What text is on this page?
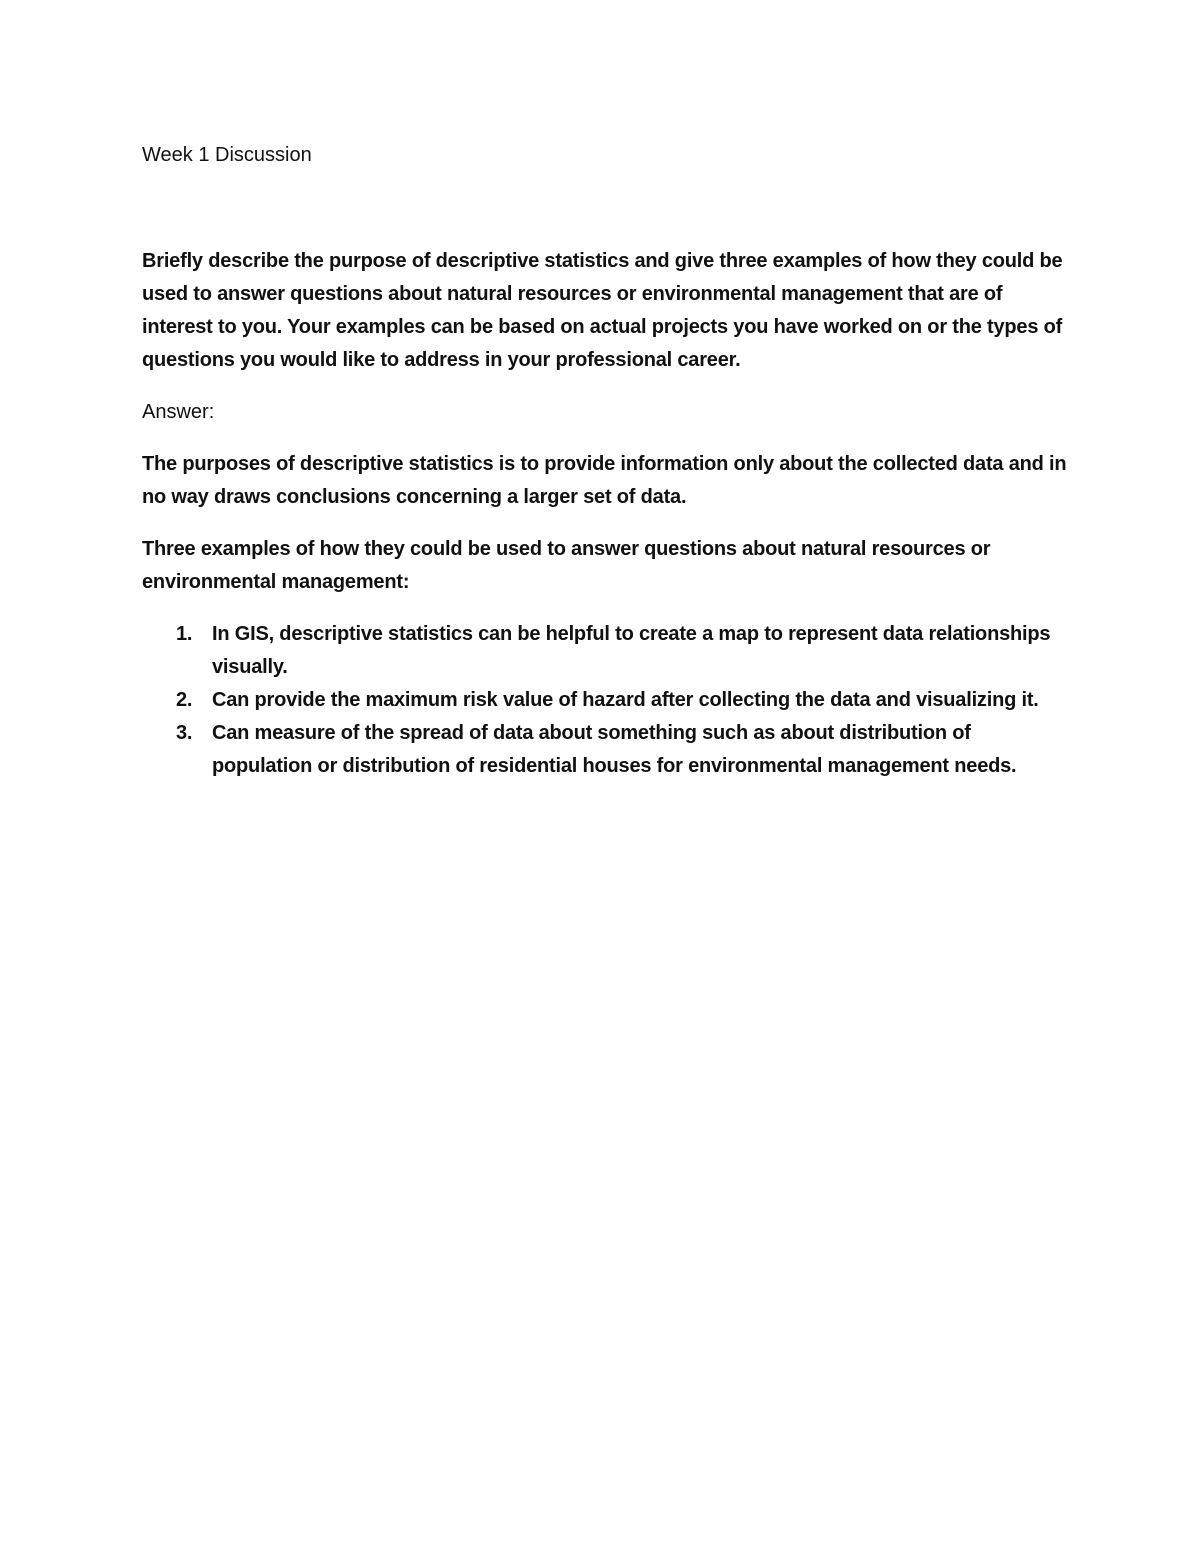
Week 1 Discussion

Briefly describe the purpose of descriptive statistics and give three examples of how they could be used to answer questions about natural resources or environmental management that are of interest to you. Your examples can be based on actual projects you have worked on or the types of questions you would like to address in your professional career.

Answer:

The purposes of descriptive statistics is to provide information only about the collected data and in no way draws conclusions concerning a larger set of data.

Three examples of how they could be used to answer questions about natural resources or environmental management:

1. In GIS, descriptive statistics can be helpful to create a map to represent data relationships visually.
2. Can provide the maximum risk value of hazard after collecting the data and visualizing it.
3. Can measure of the spread of data about something such as about distribution of population or distribution of residential houses for environmental management needs.
